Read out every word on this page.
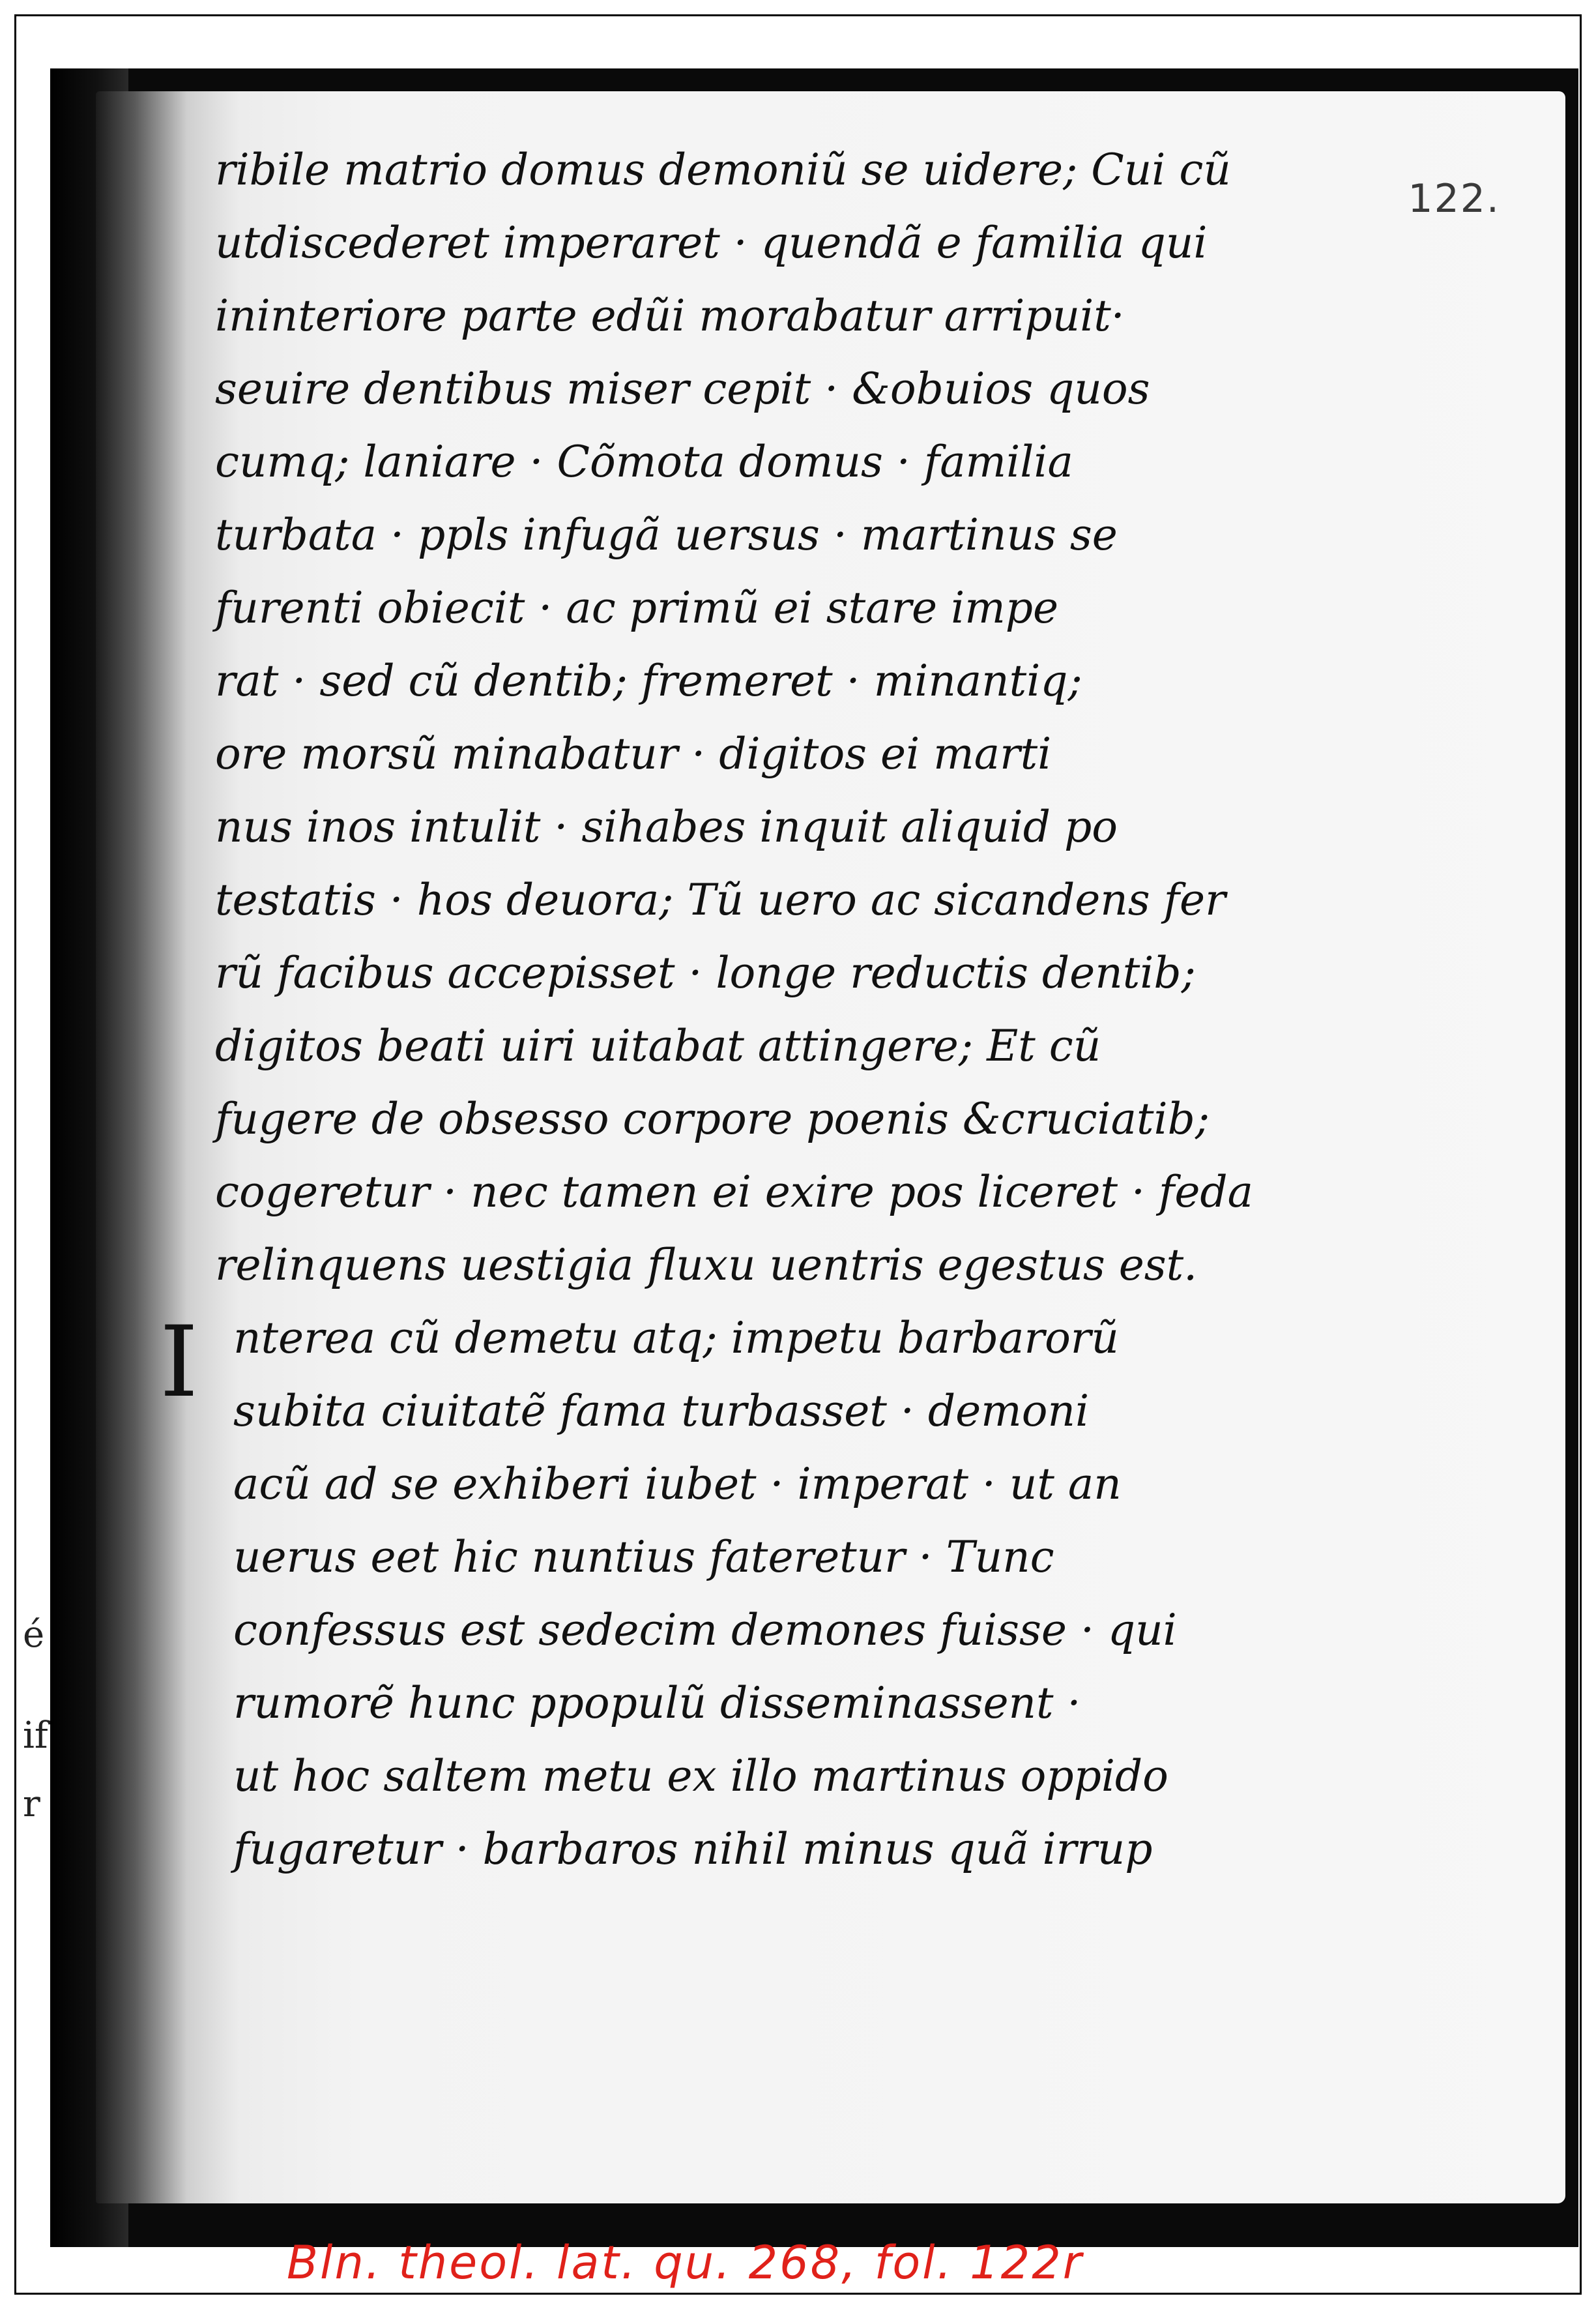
122.
ribile matrio domus demoniũ se uidere; Cui cũ
utdiscederet imperaret · quendã e familia qui
ininteriore parte edũi morabatur arripuit·
seuire dentibus miser cepit · &obuios quos
cumq; laniare · Cõmota domus · familia
turbata · ppls infugã uersus · martinus se
furenti obiecit · ac primũ ei stare impe
rat · sed cũ dentib; fremeret · minantiq;
ore morsũ minabatur · digitos ei marti
nus inos intulit · sihabes inquit aliquid po
testatis · hos deuora; Tũ uero ac sicandens fer
rũ facibus accepisset · longe reductis dentib;
digitos beati uiri uitabat attingere; Et cũ
fugere de obsesso corpore poenis &cruciatib;
cogeretur · nec tamen ei exire pos liceret · feda
relinquens uestigia fluxu uentris egestus est.
nterea cũ demetu atq; impetu barbarorũ
subita ciuitatẽ fama turbasset · demoni
acũ ad se exhiberi iubet · imperat · ut an
uerus eet hic nuntius fateretur · Tunc
confessus est sedecim demones fuisse · qui
rumorẽ hunc ppopulũ disseminassent ·
ut hoc saltem metu ex illo martinus oppido
fugaretur · barbaros nihil minus quã irrup
I
é
if
r
Bln. theol. lat. qu. 268, fol. 122r
